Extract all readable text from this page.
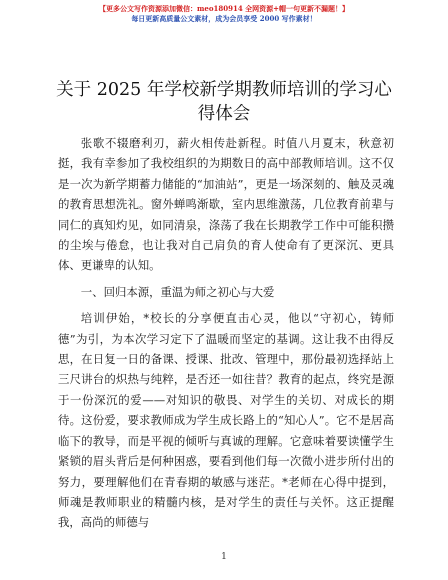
【更多公文写作资源添加微信：meo180914 全网资源+帽一句更新不漏题！】
每日更新高质量公文素材，成为会员享受 2000 写作素材！
关于 2025 年学校新学期教师培训的学习心得体会

张歌不辍磨利刃，薪火相传赴新程。时值八月夏末，秋意初挺，我有幸参加了我校组织的为期数日的高中部教师培训。这不仅是一次为新学期蓄力储能的“加油站”，更是一场深刻的、触及灵魂的教育思想洗礼。窗外蝉鸣渐歇，室内思维激荡，几位教育前辈与同仁的真知灼见，如同清泉，涤荡了我在长期教学工作中可能积攒的尘埃与倦怠，也让我对自己肩负的育人使命有了更深沉、更具体、更谦卑的认知。

一、回归本源，重温为师之初心与大爱

培训伊始，*校长的分享便直击心灵，他以“守初心，铸师德”为引，为本次学习定下了温暖而坚定的基调。这让我不由得反思，在日复一日的备课、授课、批改、管理中，那份最初选择站上三尺讲台的炽热与纯粹，是否还一如往昔？教育的起点，终究是源于一份深沉的爱——对知识的敬畏、对学生的关切、对成长的期待。这份爱，要求教师成为学生成长路上的“知心人”。它不是居高临下的教导，而是平视的倾听与真诚的理解。它意味着要读懂学生紧锁的眉头背后是何种困惑，要看到他们每一次微小进步所付出的努力，要理解他们在青春期的敏感与迷茫。*老师在心得中提到，师魂是教师职业的精髓内核，是对学生的责任与关怀。这正提醒我，高尚的师德与

1
